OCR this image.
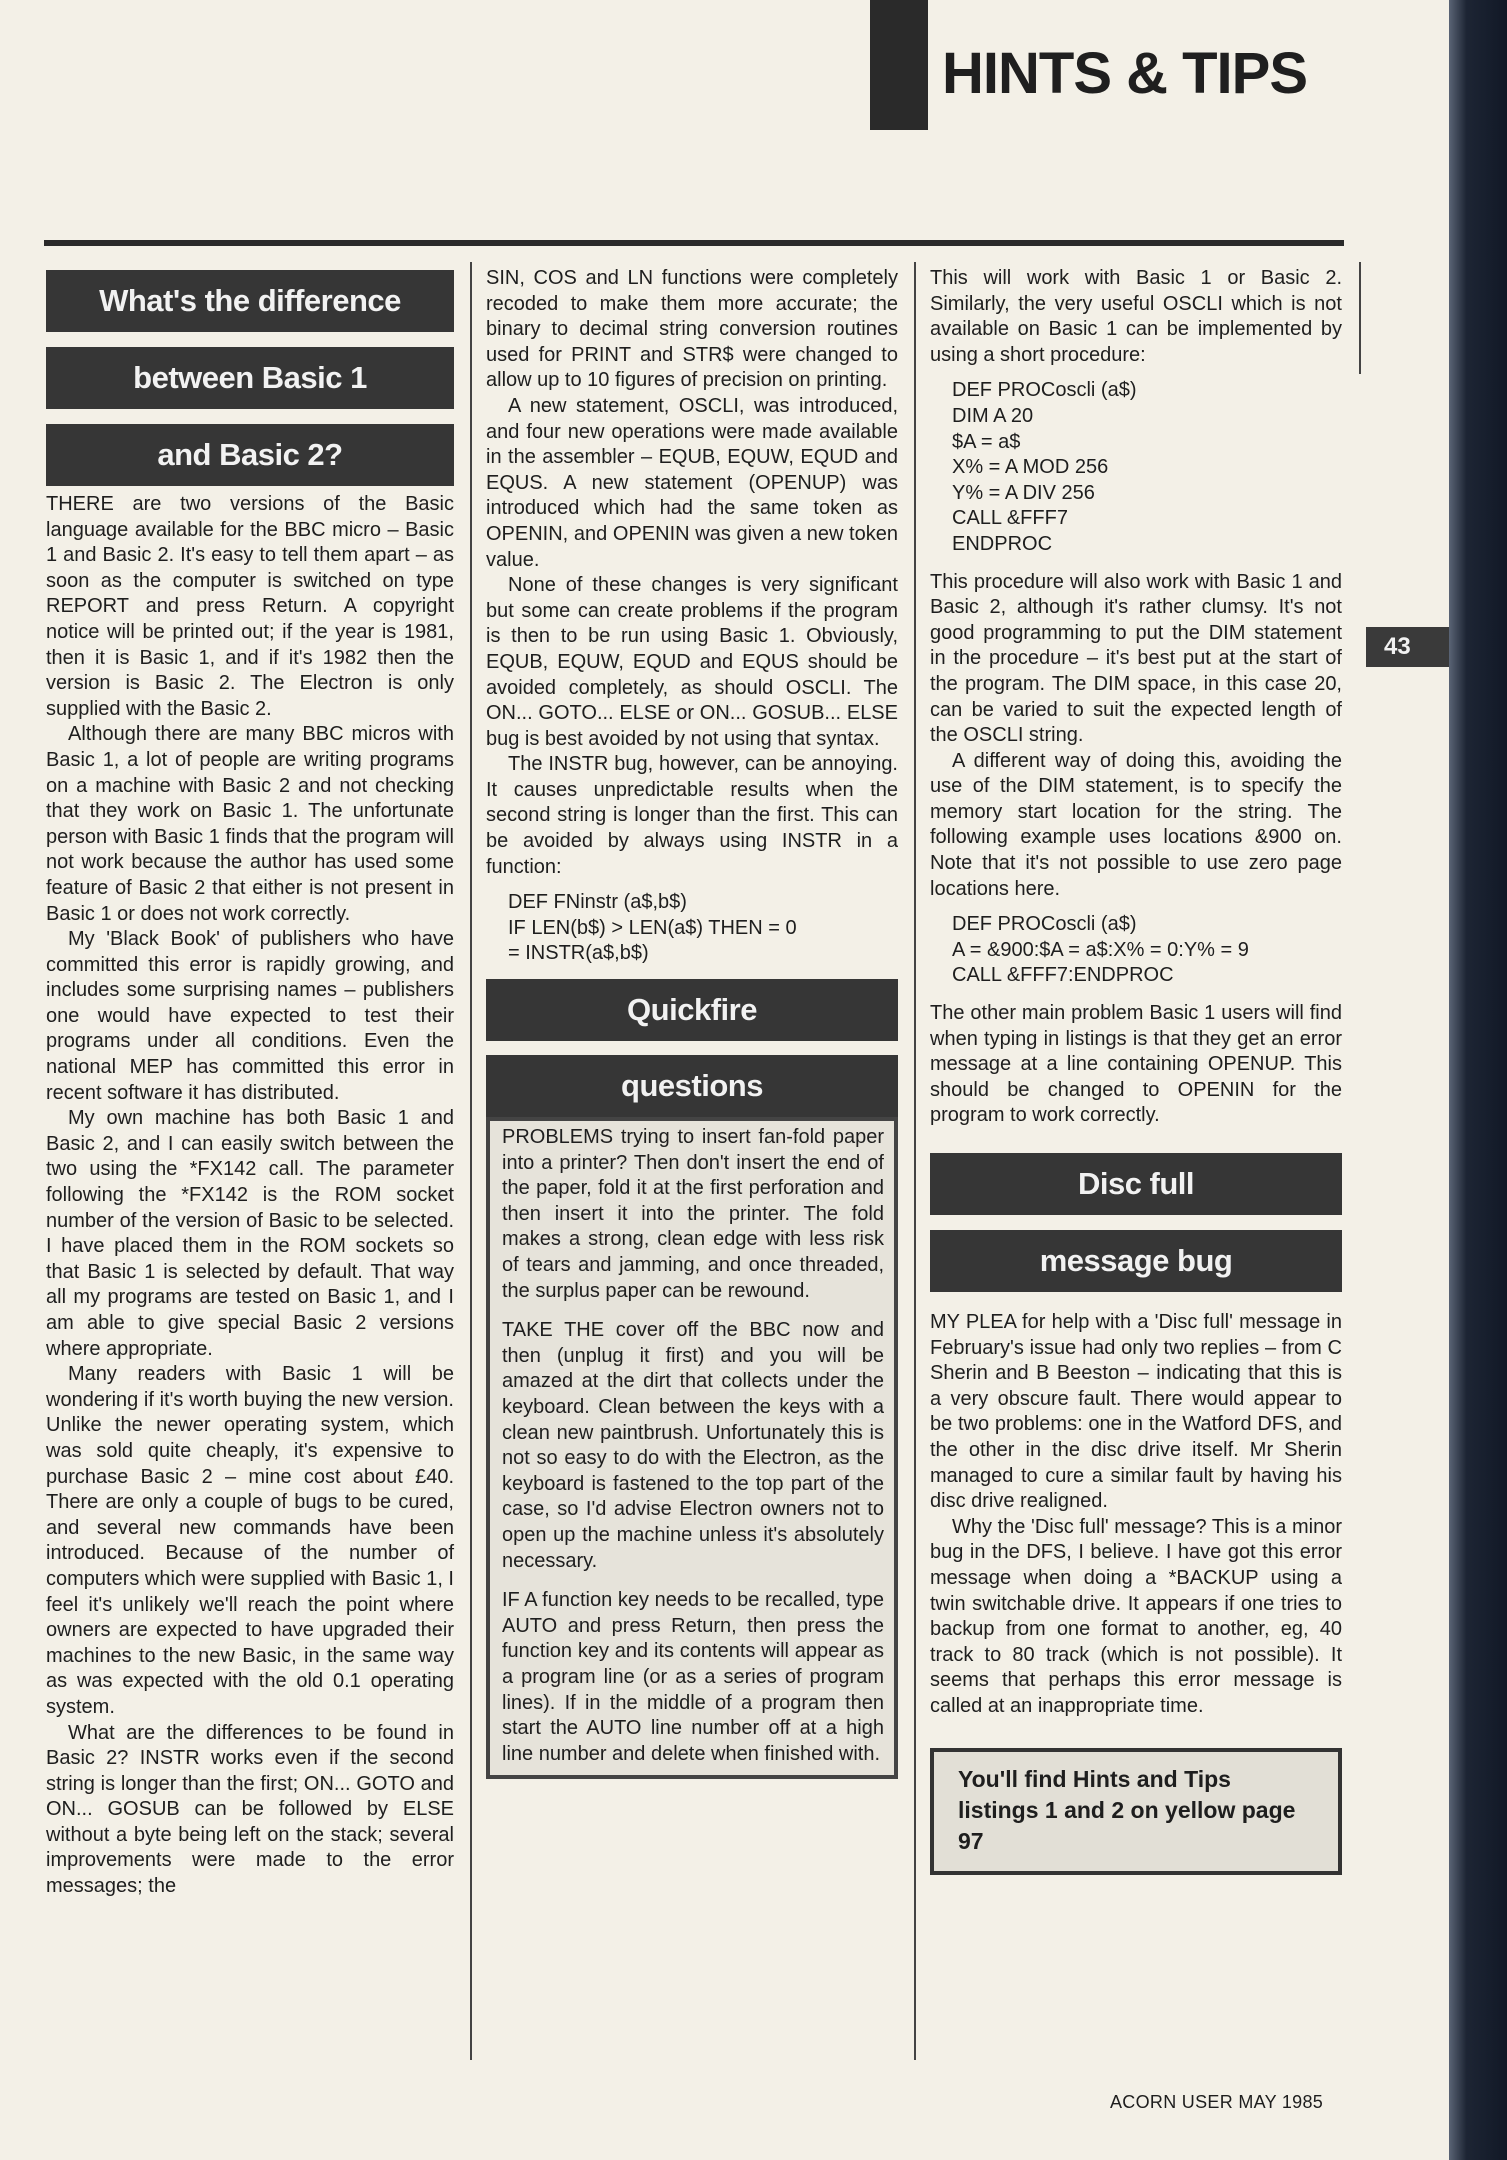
HINTS & TIPS
43
What's the difference
between Basic 1
and Basic 2?

THERE are two versions of the Basic language available for the BBC micro – Basic 1 and Basic 2. It's easy to tell them apart – as soon as the computer is switched on type REPORT and press Return. A copyright notice will be printed out; if the year is 1981, then it is Basic 1, and if it's 1982 then the version is Basic 2. The Electron is only supplied with the Basic 2.

Although there are many BBC micros with Basic 1, a lot of people are writing programs on a machine with Basic 2 and not checking that they work on Basic 1. The unfortunate person with Basic 1 finds that the program will not work because the author has used some feature of Basic 2 that either is not present in Basic 1 or does not work correctly.

My 'Black Book' of publishers who have committed this error is rapidly growing, and includes some surprising names – publishers one would have expected to test their programs under all conditions. Even the national MEP has committed this error in recent software it has distributed.

My own machine has both Basic 1 and Basic 2, and I can easily switch between the two using the *FX142 call. The parameter following the *FX142 is the ROM socket number of the version of Basic to be selected. I have placed them in the ROM sockets so that Basic 1 is selected by default. That way all my programs are tested on Basic 1, and I am able to give special Basic 2 versions where appropriate.

Many readers with Basic 1 will be wondering if it's worth buying the new version. Unlike the newer operating system, which was sold quite cheaply, it's expensive to purchase Basic 2 – mine cost about £40. There are only a couple of bugs to be cured, and several new commands have been introduced. Because of the number of computers which were supplied with Basic 1, I feel it's unlikely we'll reach the point where owners are expected to have upgraded their machines to the new Basic, in the same way as was expected with the old 0.1 operating system.

What are the differences to be found in Basic 2? INSTR works even if the second string is longer than the first; ON... GOTO and ON... GOSUB can be followed by ELSE without a byte being left on the stack; several improvements were made to the error messages; the

SIN, COS and LN functions were completely recoded to make them more accurate; the binary to decimal string conversion routines used for PRINT and STR$ were changed to allow up to 10 figures of precision on printing.

A new statement, OSCLI, was introduced, and four new operations were made available in the assembler – EQUB, EQUW, EQUD and EQUS. A new statement (OPENUP) was introduced which had the same token as OPENIN, and OPENIN was given a new token value.

None of these changes is very significant but some can create problems if the program is then to be run using Basic 1. Obviously, EQUB, EQUW, EQUD and EQUS should be avoided completely, as should OSCLI. The ON... GOTO... ELSE or ON... GOSUB... ELSE bug is best avoided by not using that syntax.

The INSTR bug, however, can be annoying. It causes unpredictable results when the second string is longer than the first. This can be avoided by always using INSTR in a function:

DEF FNinstr (a$,b$)
IF LEN(b$) > LEN(a$) THEN = 0
= INSTR(a$,b$)
Quickfire
questions

PROBLEMS trying to insert fan-fold paper into a printer? Then don't insert the end of the paper, fold it at the first perforation and then insert it into the printer. The fold makes a strong, clean edge with less risk of tears and jamming, and once threaded, the surplus paper can be rewound.

TAKE THE cover off the BBC now and then (unplug it first) and you will be amazed at the dirt that collects under the keyboard. Clean between the keys with a clean new paintbrush. Unfortunately this is not so easy to do with the Electron, as the keyboard is fastened to the top part of the case, so I'd advise Electron owners not to open up the machine unless it's absolutely necessary.

IF A function key needs to be recalled, type AUTO and press Return, then press the function key and its contents will appear as a program line (or as a series of program lines). If in the middle of a program then start the AUTO line number off at a high line number and delete when finished with.

This will work with Basic 1 or Basic 2. Similarly, the very useful OSCLI which is not available on Basic 1 can be implemented by using a short procedure:

DEF PROCoscli (a$)
DIM A 20
$A = a$
X% = A MOD 256
Y% = A DIV 256
CALL &FFF7
ENDPROC

This procedure will also work with Basic 1 and Basic 2, although it's rather clumsy. It's not good programming to put the DIM statement in the procedure – it's best put at the start of the program. The DIM space, in this case 20, can be varied to suit the expected length of the OSCLI string.

A different way of doing this, avoiding the use of the DIM statement, is to specify the memory start location for the string. The following example uses locations &900 on. Note that it's not possible to use zero page locations here.

DEF PROCoscli (a$)
A = &900:$A = a$:X% = 0:Y% = 9
CALL &FFF7:ENDPROC

The other main problem Basic 1 users will find when typing in listings is that they get an error message at a line containing OPENUP. This should be changed to OPENIN for the program to work correctly.

Disc full
message bug

MY PLEA for help with a 'Disc full' message in February's issue had only two replies – from C Sherin and B Beeston – indicating that this is a very obscure fault. There would appear to be two problems: one in the Watford DFS, and the other in the disc drive itself. Mr Sherin managed to cure a similar fault by having his disc drive realigned.

Why the 'Disc full' message? This is a minor bug in the DFS, I believe. I have got this error message when doing a *BACKUP using a twin switchable drive. It appears if one tries to backup from one format to another, eg, 40 track to 80 track (which is not possible). It seems that perhaps this error message is called at an inappropriate time.

You'll find Hints and Tips listings 1 and 2 on yellow page 97
ACORN USER MAY 1985
